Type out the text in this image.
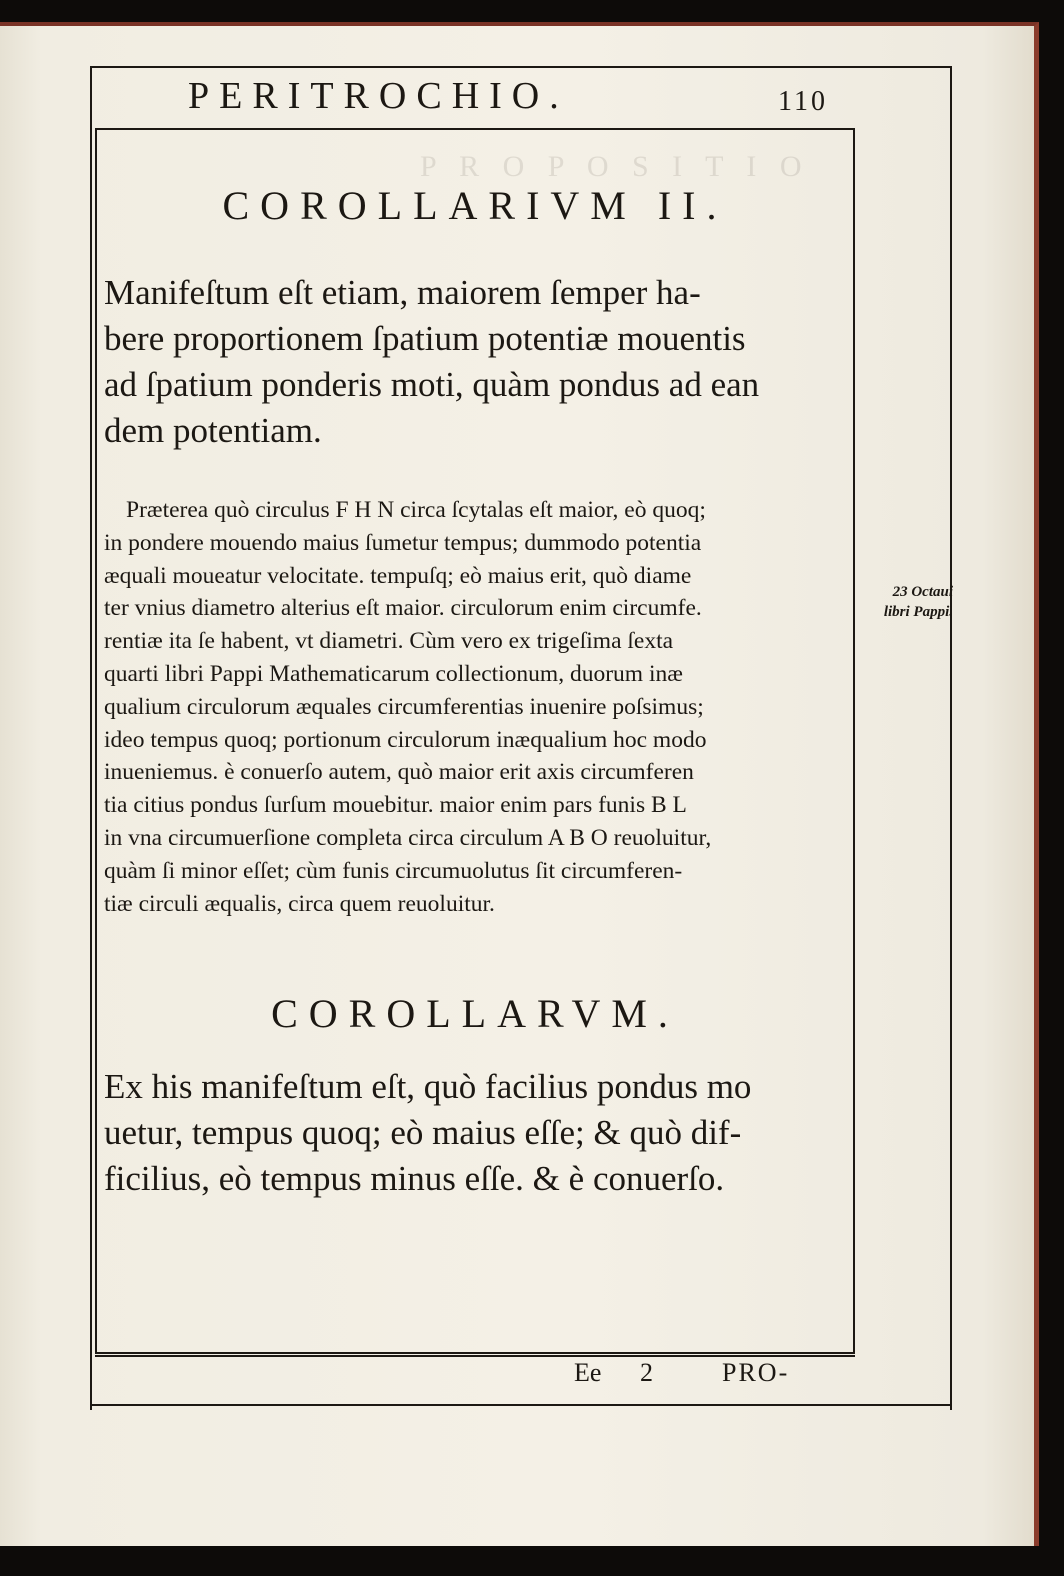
P R O P O S I T I O
PERITROCHIO.	110
COROLLARIVM II.

Manifeſtum eſt etiam, maiorem ſemper ha-

bere proportionem ſpatium potentiæ mouentis

ad ſpatium ponderis moti, quàm pondus ad ean

dem potentiam.

Præterea quò circulus F H N circa ſcytalas eſt maior, eò quoq;
in pondere mouendo maius ſumetur tempus; dummodo potentia
æquali moueatur velocitate. tempuſq; eò maius erit, quò diame
ter vnius diametro alterius eſt maior. circulorum enim circumfe.
rentiæ ita ſe habent, vt diametri. Cùm vero ex trigeſima ſexta
quarti libri Pappi Mathematicarum collectionum, duorum inæ
qualium circulorum æquales circumferentias inuenire poſsimus;
ideo tempus quoq; portionum circulorum inæqualium hoc modo
inueniemus. è conuerſo autem, quò maior erit axis circumferen
tia citius pondus ſurſum mouebitur. maior enim pars funis B L
in vna circumuerſione completa circa circulum A B O reuoluitur,
quàm ſi minor eſſet; cùm funis circumuolutus ſit circumferen-
tiæ circuli æqualis, circa quem reuoluitur.
23 Octaui
libri Pappi.
COROLLARVM.

Ex his manifeſtum eſt, quò facilius pondus mo

uetur, tempus quoq; eò maius eſſe; & quò dif-

ficilius, eò tempus minus eſſe. & è conuerſo.

Ee 2	PRO-
